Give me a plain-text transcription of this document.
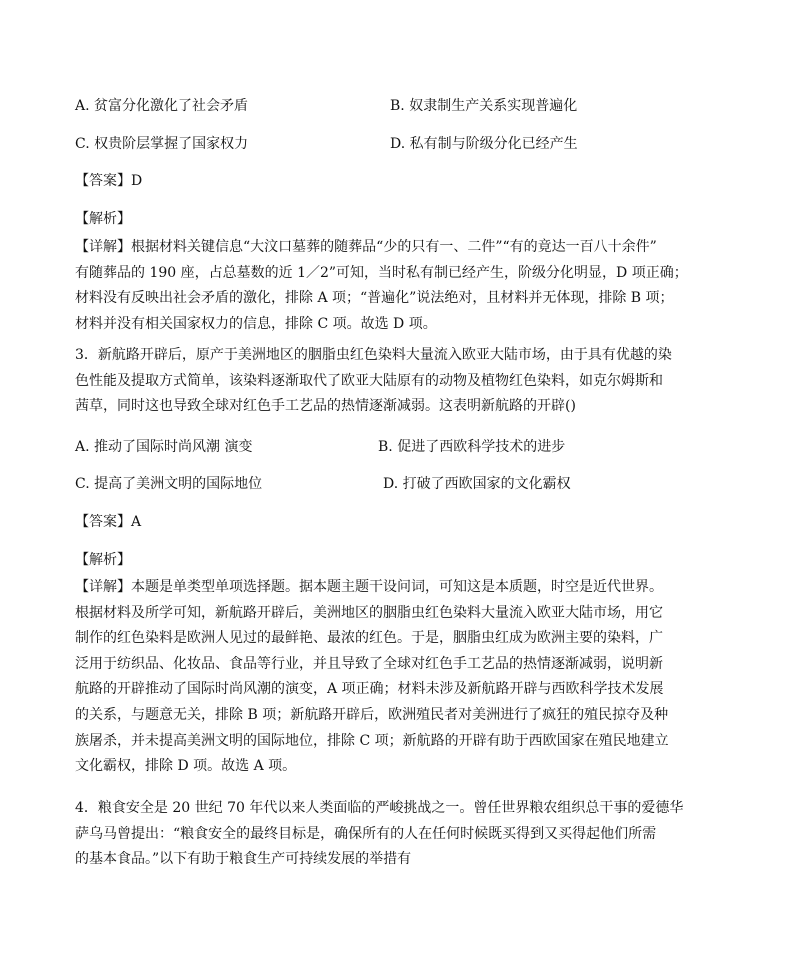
A. 贫富分化激化了社会矛盾	B. 奴隶制生产关系实现普遍化
C. 权贵阶层掌握了国家权力	D. 私有制与阶级分化已经产生
【答案】D
【解析】
【详解】根据材料关键信息“大汶口墓葬的随葬品“少的只有一、二件”“有的竟达一百八十余件”
有随葬品的 190 座，占总墓数的近 1／2”可知，当时私有制已经产生，阶级分化明显，D 项正确；
材料没有反映出社会矛盾的激化，排除 A 项；“普遍化”说法绝对，且材料并无体现，排除 B 项；
材料并没有相关国家权力的信息，排除 C 项。故选 D 项。
3．新航路开辟后，原产于美洲地区的胭脂虫红色染料大量流入欧亚大陆市场，由于具有优越的染
色性能及提取方式简单，该染料逐渐取代了欧亚大陆原有的动物及植物红色染料，如克尔姆斯和
茜草，同时这也导致全球对红色手工艺品的热情逐渐减弱。这表明新航路的开辟()
A. 推动了国际时尚风潮 演变	B. 促进了西欧科学技术的进步
C. 提高了美洲文明的国际地位	D. 打破了西欧国家的文化霸权
【答案】A
【解析】
【详解】本题是单类型单项选择题。据本题主题干设问词，可知这是本质题，时空是近代世界。
根据材料及所学可知，新航路开辟后，美洲地区的胭脂虫红色染料大量流入欧亚大陆市场，用它
制作的红色染料是欧洲人见过的最鲜艳、最浓的红色。于是，胭脂虫红成为欧洲主要的染料，广
泛用于纺织品、化妆品、食品等行业，并且导致了全球对红色手工艺品的热情逐渐减弱，说明新
航路的开辟推动了国际时尚风潮的演变，A 项正确；材料未涉及新航路开辟与西欧科学技术发展
的关系，与题意无关，排除 B 项；新航路开辟后，欧洲殖民者对美洲进行了疯狂的殖民掠夺及种
族屠杀，并未提高美洲文明的国际地位，排除 C 项；新航路的开辟有助于西欧国家在殖民地建立
文化霸权，排除 D 项。故选 A 项。
4．粮食安全是 20 世纪 70 年代以来人类面临的严峻挑战之一。曾任世界粮农组织总干事的爱德华
萨乌马曾提出：“粮食安全的最终目标是，确保所有的人在任何时候既买得到又买得起他们所需
的基本食品。”以下有助于粮食生产可持续发展的举措有
